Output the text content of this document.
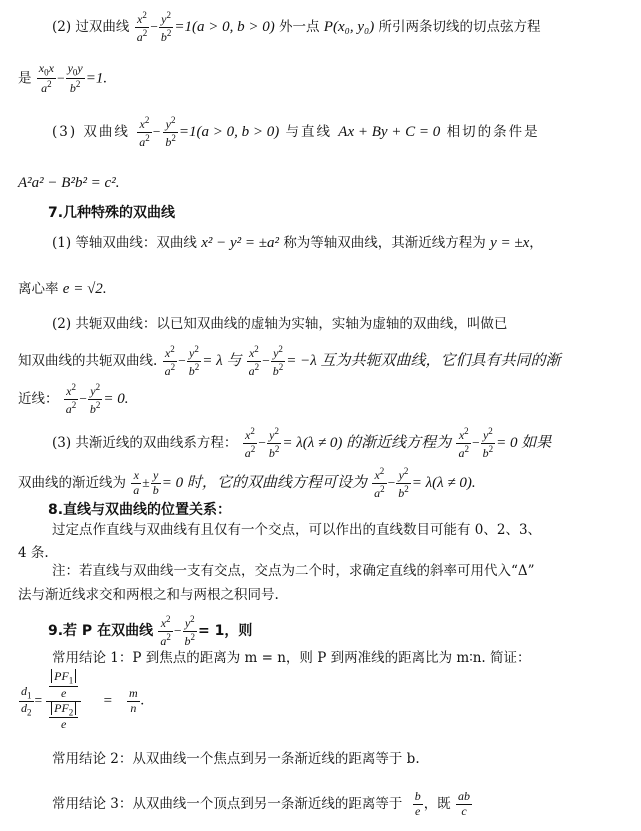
(2) 过双曲线 $\frac{x^2}{a^2} - \frac{y^2}{b^2} =1(a > 0$, b > 0) 外一点 P(x₀, y₀) 所引两条切线的切点弦方程
是 $\frac{x_0x}{a^2} - \frac{y_0y}{b^2} =1$.
(3) 双曲线 $\frac{x^2}{a^2} - \frac{y^2}{b^2} =1(a > 0$, b > 0) 与直线 Ax + By + C = 0 相切的条件是
A²a² − B²b² = c².
7.几种特殊的双曲线
(1) 等轴双曲线：双曲线 x² − y² = ±a² 称为等轴双曲线，其渐近线方程为 y = ±x，
离心率 e = √2.
(2) 共轭双曲线：以已知双曲线的虚轴为实轴，实轴为虚轴的双曲线，叫做已
知双曲线的共轭双曲线. $\frac{x^2}{a^2} - \frac{y^2}{b^2} = \lambda$ 与 $\frac{x^2}{a^2} - \frac{y^2}{b^2} = -\lambda$ 互为共轭双曲线，它们具有共同的渐
近线： $\frac{x^2}{a^2} - \frac{y^2}{b^2} = 0$.
(3) 共渐近线的双曲线系方程： $\frac{x^2}{a^2} - \frac{y^2}{b^2} = \lambda(\lambda \ne 0)$ 的渐近线方程为 $\frac{x^2}{a^2} - \frac{y^2}{b^2} = 0$ 如果
双曲线的渐近线为 $\frac{x}{a} \pm \frac{y}{b} = 0$ 时，它的双曲线方程可设为 $\frac{x^2}{a^2} - \frac{y^2}{b^2} = \lambda(\lambda \ne 0)$.
8.直线与双曲线的位置关系：
过定点作直线与双曲线有且仅有一个交点，可以作出的直线数目可能有 0、2、3、
4 条.
注：若直线与双曲线一支有交点，交点为二个时，求确定直线的斜率可用代入“Δ”
法与渐近线求交和两根之和与两根之积同号.
9.若 P 在双曲线 $\frac{x^2}{a^2} - \frac{y^2}{b^2} = 1$，则
常用结论 1：P 到焦点的距离为 m = n，则 P 到两准线的距离比为 m∶n. 简证：
$\frac{d_1}{d_2} = \frac{\frac{PF_1}{e}}{\frac{PF_2}{e}} = \frac{m}{n}$ .
常用结论 2：从双曲线一个焦点到另一条渐近线的距离等于 b.
常用结论 3：从双曲线一个顶点到另一条渐近线的距离等于 $\frac{b}{e}$ ，既 $\frac{ab}{c}$
